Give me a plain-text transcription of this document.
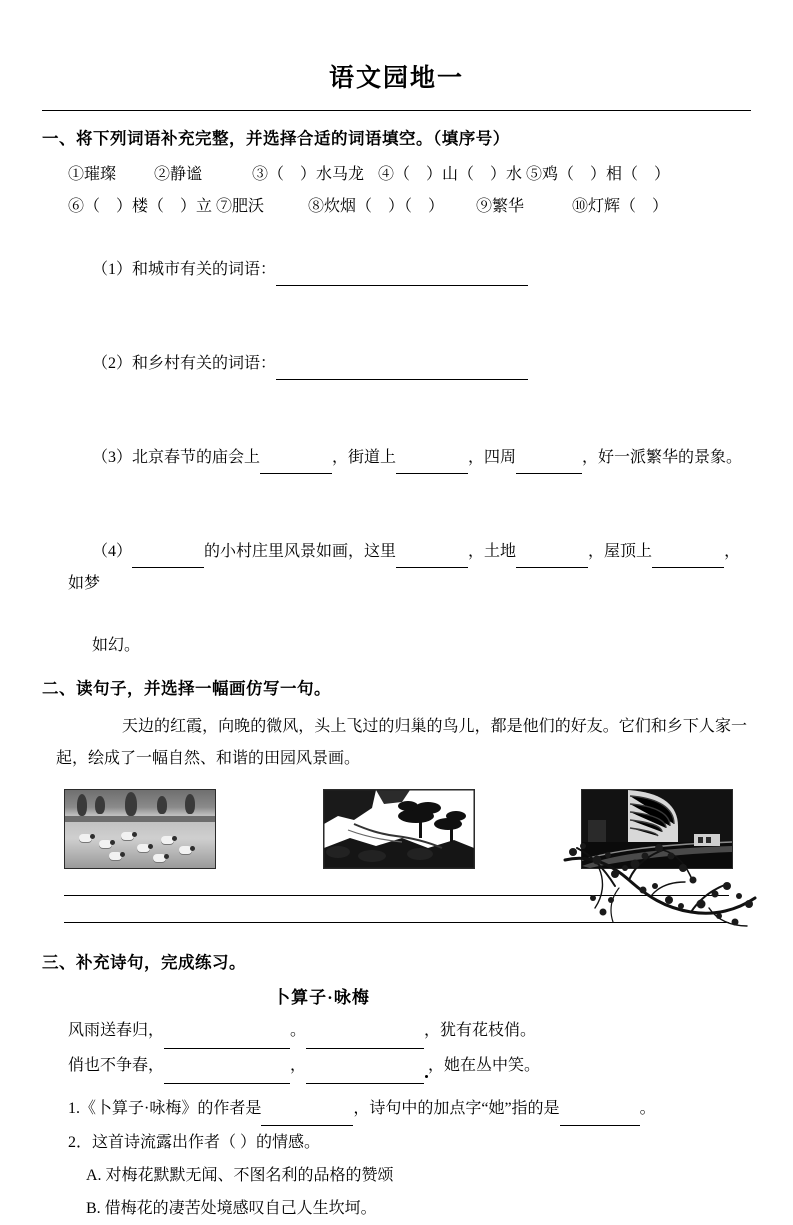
语文园地一
一、将下列词语补充完整，并选择合适的词语填空。（填序号）
①璀璨	②静谧	③（    ）水马龙 ④（    ）山（    ）水 ⑤鸡（    ）相（    ）
⑥（    ）楼（    ）立 ⑦肥沃	⑧炊烟（    ）（    ）	⑨繁华	⑩灯辉（    ）

（1）和城市有关的词语：

（2）和乡村有关的词语：

（3）北京春节的庙会上	，街道上	，四周	，好一派繁华的景象。

（4）	的小村庄里风景如画，这里	，土地	，屋顶上	，如梦

如幻。
二、读句子，并选择一幅画仿写一句。
天边的红霞，向晚的微风，头上飞过的归巢的鸟儿，都是他们的好友。它们和乡下人家一起，绘成了一幅自然、和谐的田园风景画。
三、补充诗句，完成练习。
卜算子·咏梅
风雨送春归，	。	，犹有花枝俏。
俏也不争春，	，	，她在丛中笑。
1.《卜算子·咏梅》的作者是	，诗句中的加点字“她”指的是	。
2．这首诗流露出作者（ ）的情感。
A. 对梅花默默无闻、不图名利的品格的赞颂
B. 借梅花的凄苦处境感叹自己人生坎坷。
